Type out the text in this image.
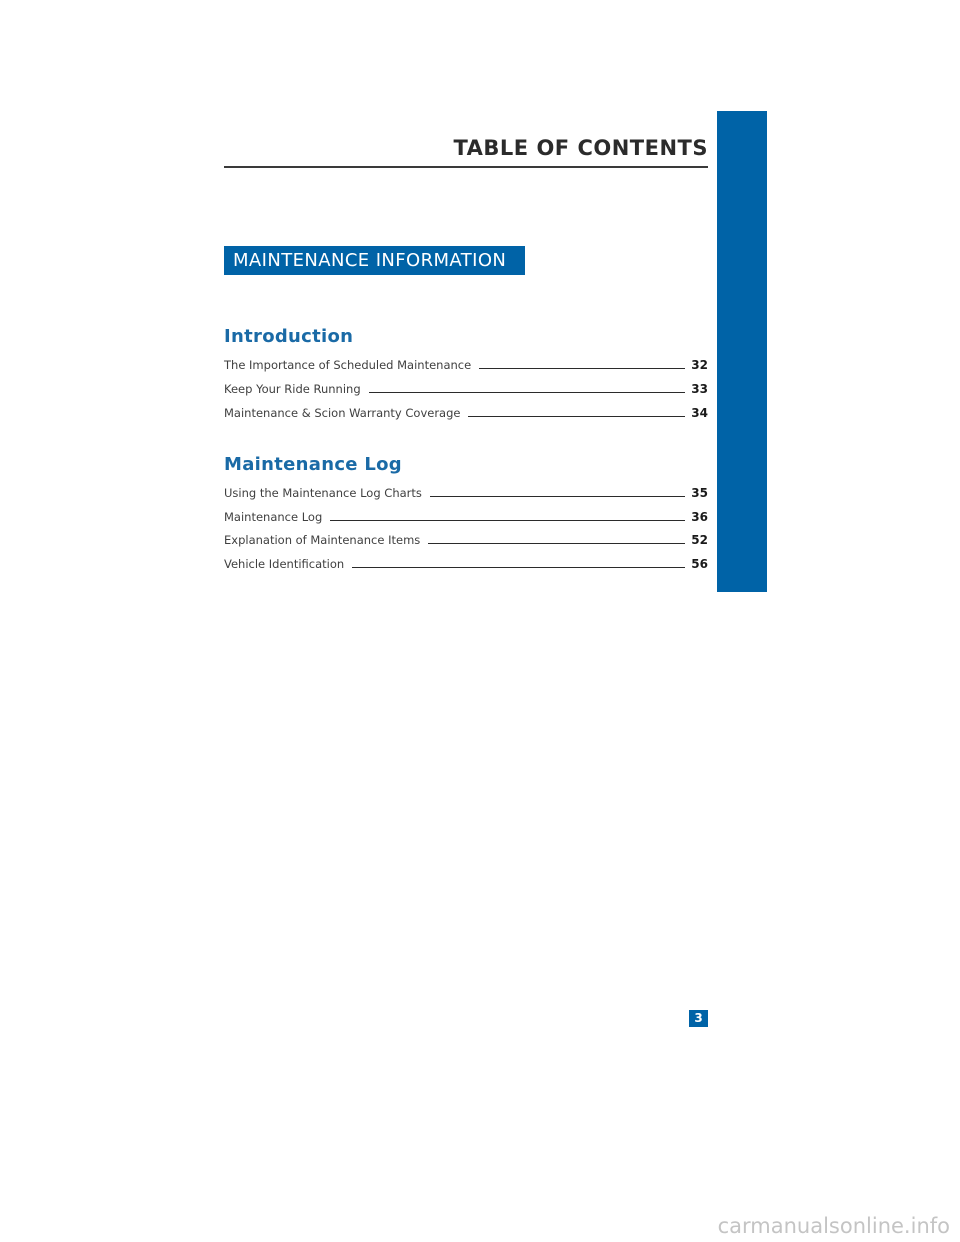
TABLE OF CONTENTS
MAINTENANCE INFORMATION
Introduction
The Importance of Scheduled Maintenance	32
Keep Your Ride Running	33
Maintenance & Scion Warranty Coverage	34
Maintenance Log
Using the Maintenance Log Charts	35
Maintenance Log	36
Explanation of Maintenance Items	52
Vehicle Identification	56
3
carmanualsonline.info
